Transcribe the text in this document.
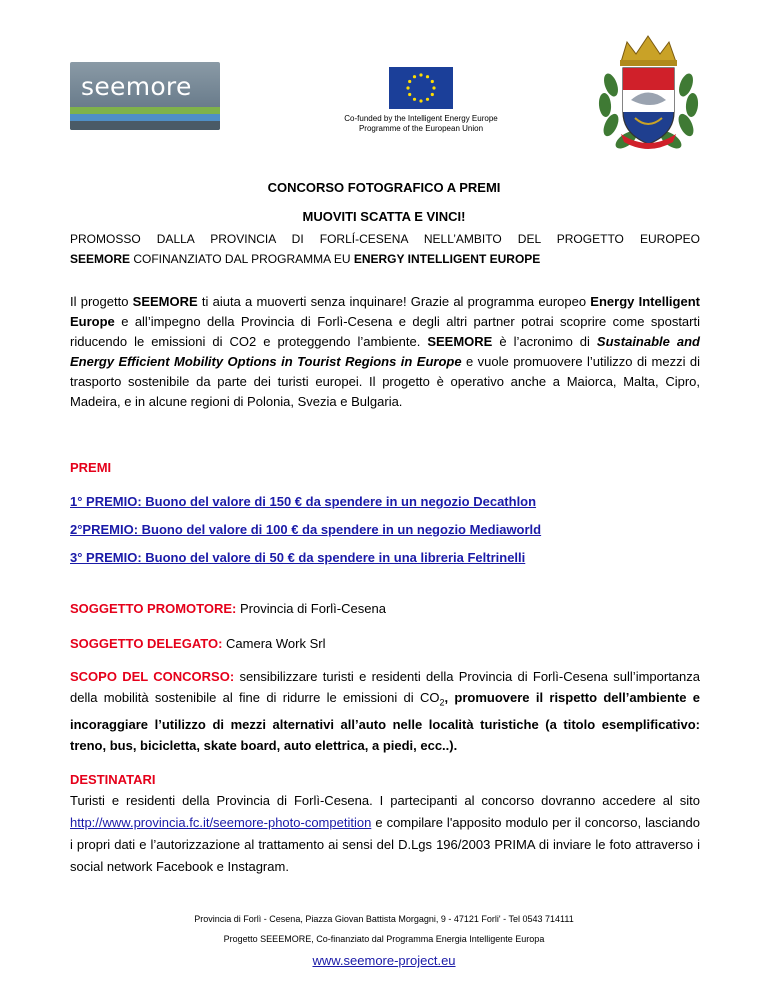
seemore
Co-funded by the Intelligent Energy Europe
Programme of the European Union
CONCORSO FOTOGRAFICO A PREMI
MUOVITI SCATTA E VINCI!
PROMOSSO DALLA PROVINCIA DI FORLÍ-CESENA NELL’AMBITO DEL PROGETTO EUROPEO
SEEMORE COFINANZIATO DAL PROGRAMMA EU ENERGY INTELLIGENT EUROPE
Il progetto SEEMORE ti aiuta a muoverti senza inquinare! Grazie al programma europeo Energy Intelligent Europe e all’impegno della Provincia di Forlì-Cesena e degli altri partner potrai scoprire come spostarti riducendo le emissioni di CO2 e proteggendo l’ambiente. SEEMORE è l’acronimo di Sustainable and Energy Efficient Mobility Options in Tourist Regions in Europe e vuole promuovere l’utilizzo di mezzi di trasporto sostenibile da parte dei turisti europei. Il progetto è operativo anche a Maiorca, Malta, Cipro, Madeira, e in alcune regioni di Polonia, Svezia e Bulgaria.
PREMI
1° PREMIO: Buono del valore di 150 € da spendere in un negozio Decathlon
2°PREMIO: Buono del valore di 100 € da spendere in un negozio Mediaworld
3° PREMIO: Buono del valore di 50 € da spendere in una libreria Feltrinelli
SOGGETTO PROMOTORE: Provincia di Forlì-Cesena
SOGGETTO DELEGATO: Camera Work Srl
SCOPO DEL CONCORSO: sensibilizzare turisti e residenti della Provincia di Forlì-Cesena sull’importanza della mobilità sostenibile al fine di ridurre le emissioni di $CO_2$, promuovere il rispetto dell’ambiente e incoraggiare l’utilizzo di mezzi alternativi all’auto nelle località turistiche (a titolo esemplificativo: treno, bus, bicicletta, skate board, auto elettrica, a piedi, ecc..).
DESTINATARI
Turisti e residenti della Provincia di Forlì-Cesena. I partecipanti al concorso dovranno accedere al sito http://www.provincia.fc.it/seemore-photo-competition e compilare l'apposito modulo per il concorso, lasciando i propri dati e l’autorizzazione al trattamento ai sensi del D.Lgs 196/2003 PRIMA di inviare le foto attraverso i social network Facebook e Instagram.
Provincia di Forlì - Cesena, Piazza Giovan Battista Morgagni, 9 - 47121 Forli' - Tel 0543 714111
Progetto SEEEMORE, Co-finanziato dal Programma Energia Intelligente Europa
www.seemore-project.eu
